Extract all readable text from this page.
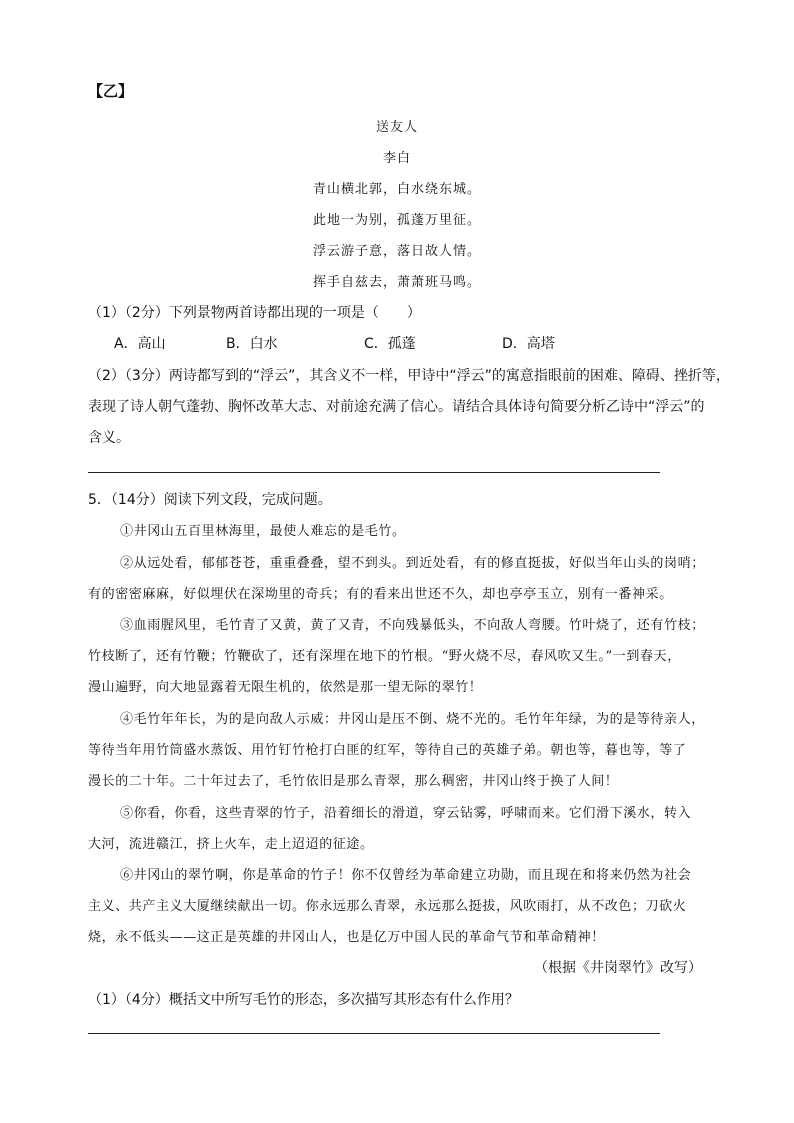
【乙】
送友人
李白
青山横北郭，白水绕东城。
此地一为别，孤蓬万里征。
浮云游子意，落日故人情。
挥手自兹去，萧萧班马鸣。
（1）（2分）下列景物两首诗都出现的一项是（　　）
A．高山	B．白水	C．孤蓬	D．高塔
（2）（3分）两诗都写到的“浮云”，其含义不一样，甲诗中“浮云”的寓意指眼前的困难、障碍、挫折等，
表现了诗人朝气蓬勃、胸怀改革大志、对前途充满了信心。请结合具体诗句简要分析乙诗中“浮云”的
含义。
5．（14分）阅读下列文段，完成问题。
①井冈山五百里林海里，最使人难忘的是毛竹。
②从远处看，郁郁苍苍，重重叠叠，望不到头。到近处看，有的修直挺拔，好似当年山头的岗哨；
有的密密麻麻，好似埋伏在深坳里的奇兵；有的看来出世还不久，却也亭亭玉立，别有一番神采。
③血雨腥风里，毛竹青了又黄，黄了又青，不向残暴低头，不向敌人弯腰。竹叶烧了，还有竹枝；
竹枝断了，还有竹鞭；竹鞭砍了，还有深埋在地下的竹根。“野火烧不尽，春风吹又生。”一到春天，
漫山遍野，向大地显露着无限生机的，依然是那一望无际的翠竹！
④毛竹年年长，为的是向敌人示威：井冈山是压不倒、烧不光的。毛竹年年绿，为的是等待亲人，
等待当年用竹筒盛水蒸饭、用竹钉竹枪打白匪的红军，等待自己的英雄子弟。朝也等，暮也等，等了
漫长的二十年。二十年过去了，毛竹依旧是那么青翠，那么稠密，井冈山终于换了人间！
⑤你看，你看，这些青翠的竹子，沿着细长的滑道，穿云钻雾，呼啸而来。它们滑下溪水，转入
大河，流进赣江，挤上火车，走上迢迢的征途。
⑥井冈山的翠竹啊，你是革命的竹子！你不仅曾经为革命建立功勋，而且现在和将来仍然为社会
主义、共产主义大厦继续献出一切。你永远那么青翠，永远那么挺拔，风吹雨打，从不改色；刀砍火
烧，永不低头——这正是英雄的井冈山人，也是亿万中国人民的革命气节和革命精神！
（根据《井岗翠竹》改写）
（1）（4分）概括文中所写毛竹的形态，多次描写其形态有什么作用？
